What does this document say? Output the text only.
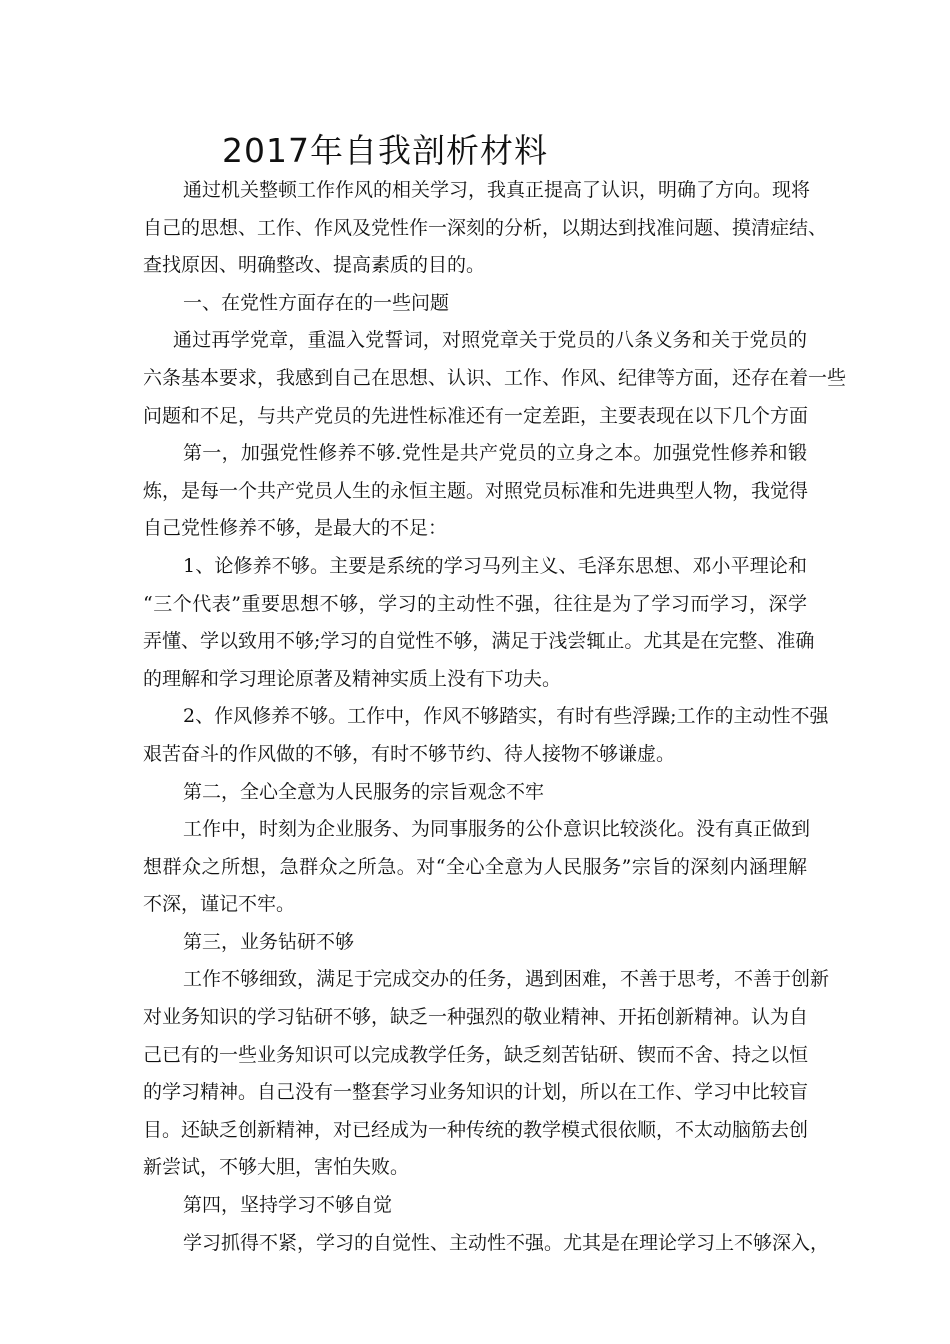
2017年自我剖析材料
通过机关整顿工作作风的相关学习，我真正提高了认识，明确了方向。现将
自己的思想、工作、作风及党性作一深刻的分析，以期达到找准问题、摸清症结、
查找原因、明确整改、提高素质的目的。
一、在党性方面存在的一些问题
通过再学党章，重温入党誓词，对照党章关于党员的八条义务和关于党员的
六条基本要求，我感到自己在思想、认识、工作、作风、纪律等方面，还存在着一些
问题和不足，与共产党员的先进性标准还有一定差距，主要表现在以下几个方面
第一，加强党性修养不够.党性是共产党员的立身之本。加强党性修养和锻
炼，是每一个共产党员人生的永恒主题。对照党员标准和先进典型人物，我觉得
自己党性修养不够，是最大的不足：
1、论修养不够。主要是系统的学习马列主义、毛泽东思想、邓小平理论和
“三个代表”重要思想不够，学习的主动性不强，往往是为了学习而学习，深学
弄懂、学以致用不够;学习的自觉性不够，满足于浅尝辄止。尤其是在完整、准确
的理解和学习理论原著及精神实质上没有下功夫。
2、作风修养不够。工作中，作风不够踏实，有时有些浮躁;工作的主动性不强
艰苦奋斗的作风做的不够，有时不够节约、待人接物不够谦虚。
第二，全心全意为人民服务的宗旨观念不牢
工作中，时刻为企业服务、为同事服务的公仆意识比较淡化。没有真正做到
想群众之所想，急群众之所急。对“全心全意为人民服务”宗旨的深刻内涵理解
不深，谨记不牢。
第三，业务钻研不够
工作不够细致，满足于完成交办的任务，遇到困难，不善于思考，不善于创新
对业务知识的学习钻研不够，缺乏一种强烈的敬业精神、开拓创新精神。认为自
己已有的一些业务知识可以完成教学任务，缺乏刻苦钻研、锲而不舍、持之以恒
的学习精神。自己没有一整套学习业务知识的计划，所以在工作、学习中比较盲
目。还缺乏创新精神，对已经成为一种传统的教学模式很依顺，不太动脑筋去创
新尝试，不够大胆，害怕失败。
第四，坚持学习不够自觉
学习抓得不紧，学习的自觉性、主动性不强。尤其是在理论学习上不够深入，
